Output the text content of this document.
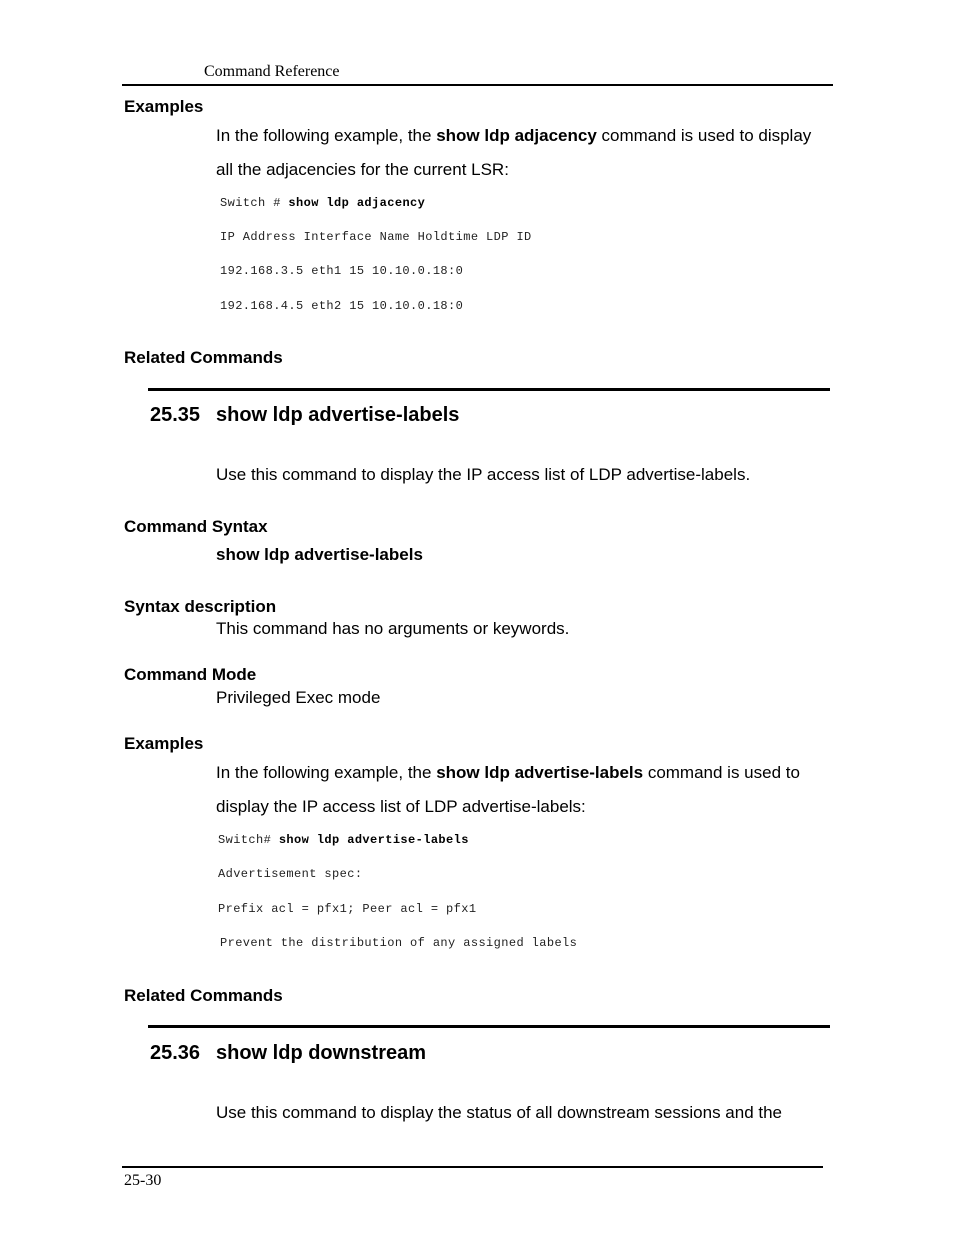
Command Reference
Examples
In the following example, the show ldp adjacency command is used to display
all the adjacencies for the current LSR:
Switch # show ldp adjacency
IP Address Interface Name Holdtime LDP ID
192.168.3.5 eth1 15 10.10.0.18:0
192.168.4.5 eth2 15 10.10.0.18:0
Related Commands
25.35 show ldp advertise-labels
Use this command to display the IP access list of LDP advertise-labels.
Command Syntax
show ldp advertise-labels
Syntax description
This command has no arguments or keywords.
Command Mode
Privileged Exec mode
Examples
In the following example, the show ldp advertise-labels command is used to
display the IP access list of LDP advertise-labels:
Switch# show ldp advertise-labels
Advertisement spec:
Prefix acl = pfx1; Peer acl = pfx1
Prevent the distribution of any assigned labels
Related Commands
25.36 show ldp downstream
Use this command to display the status of all downstream sessions and the
25-30
